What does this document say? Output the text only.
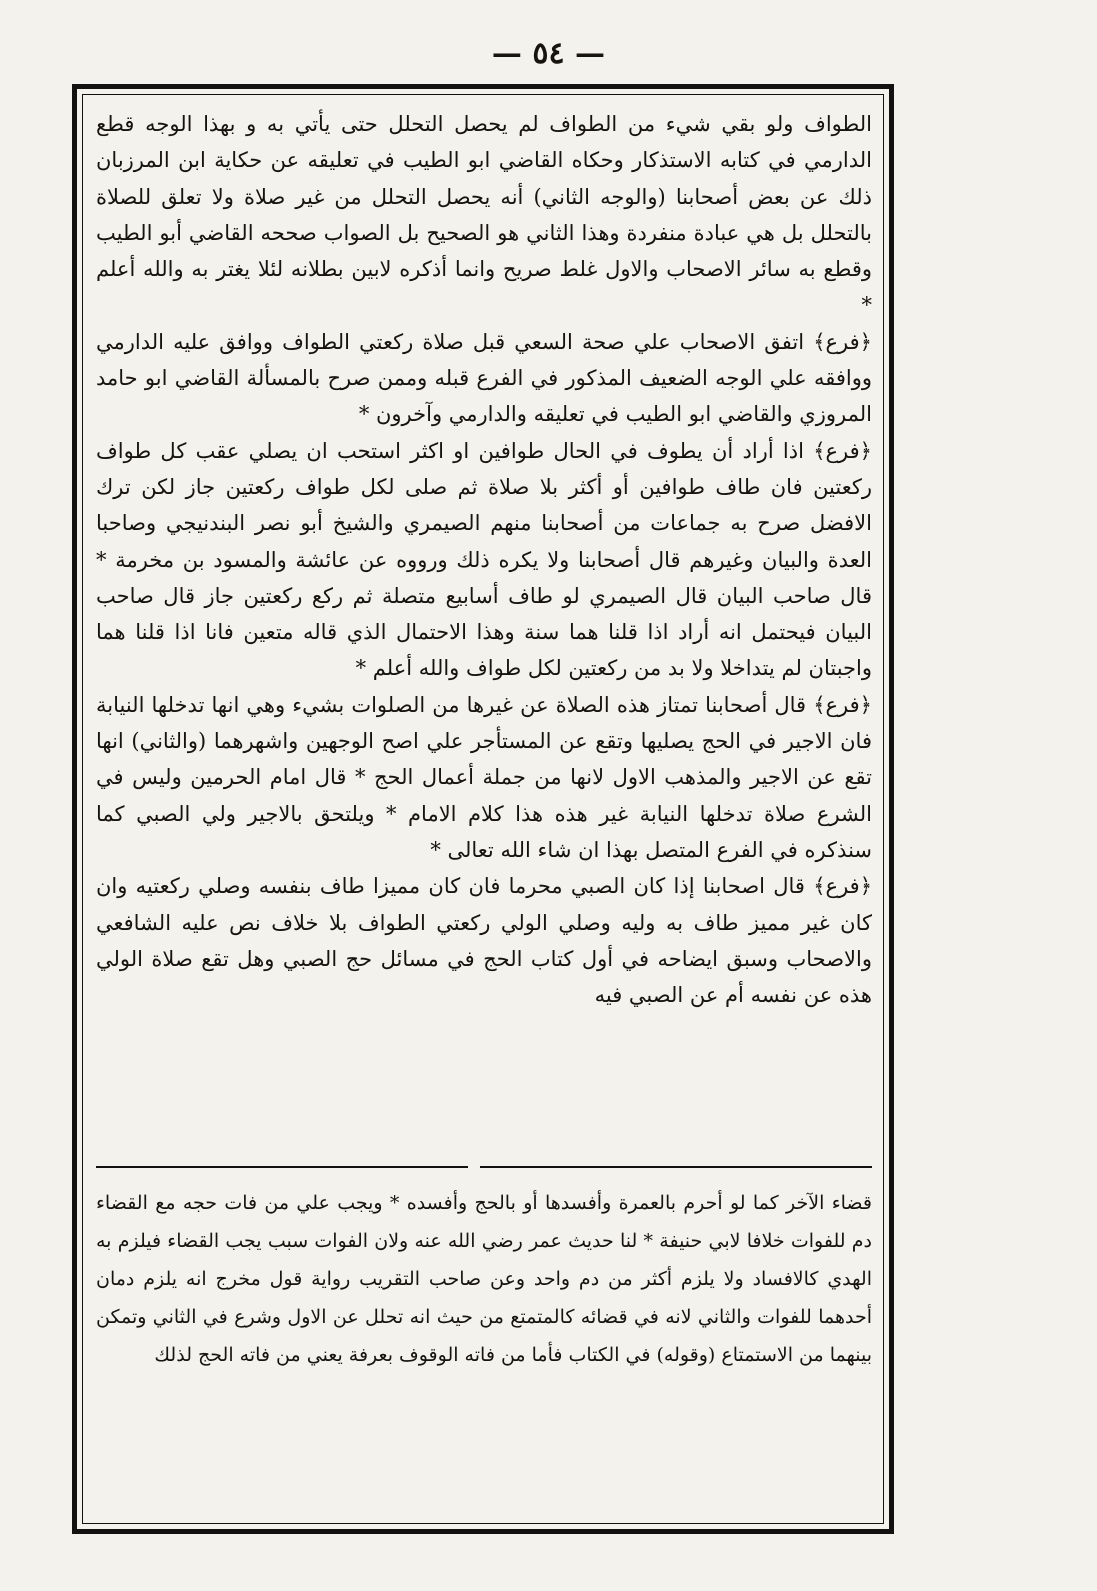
— ٥٤ —

الطواف ولو بقي شيء من الطواف لم يحصل التحلل حتى يأتي به و بهذا الوجه قطع الدارمي في كتابه الاستذكار وحكاه القاضي ابو الطيب في تعليقه عن حكاية ابن المرزبان ذلك عن بعض أصحابنا (والوجه الثاني) أنه يحصل التحلل من غير صلاة ولا تعلق للصلاة بالتحلل بل هي عبادة منفردة وهذا الثاني هو الصحيح بل الصواب صححه القاضي أبو الطيب وقطع به سائر الاصحاب والاول غلط صريح وانما أذكره لابين بطلانه لئلا يغتر به والله أعلم *

﴿فرع﴾ اتفق الاصحاب علي صحة السعي قبل صلاة ركعتي الطواف ووافق عليه الدارمي ووافقه علي الوجه الضعيف المذكور في الفرع قبله وممن صرح بالمسألة القاضي ابو حامد المروزي والقاضي ابو الطيب في تعليقه والدارمي وآخرون *

﴿فرع﴾ اذا أراد أن يطوف في الحال طوافين او اكثر استحب ان يصلي عقب كل طواف ركعتين فان طاف طوافين أو أكثر بلا صلاة ثم صلى لكل طواف ركعتين جاز لكن ترك الافضل صرح به جماعات من أصحابنا منهم الصيمري والشيخ أبو نصر البندنيجي وصاحبا العدة والبيان وغيرهم قال أصحابنا ولا يكره ذلك ورووه عن عائشة والمسود بن مخرمة * قال صاحب البيان قال الصيمري لو طاف أسابيع متصلة ثم ركع ركعتين جاز قال صاحب البيان فيحتمل انه أراد اذا قلنا هما سنة وهذا الاحتمال الذي قاله متعين فانا اذا قلنا هما واجبتان لم يتداخلا ولا بد من ركعتين لكل طواف والله أعلم *

﴿فرع﴾ قال أصحابنا تمتاز هذه الصلاة عن غيرها من الصلوات بشيء وهي انها تدخلها النيابة فان الاجير في الحج يصليها وتقع عن المستأجر علي اصح الوجهين واشهرهما (والثاني) انها تقع عن الاجير والمذهب الاول لانها من جملة أعمال الحج * قال امام الحرمين وليس في الشرع صلاة تدخلها النيابة غير هذه هذا كلام الامام * ويلتحق بالاجير ولي الصبي كما سنذكره في الفرع المتصل بهذا ان شاء الله تعالى *

﴿فرع﴾ قال اصحابنا إذا كان الصبي محرما فان كان مميزا طاف بنفسه وصلي ركعتيه وان كان غير مميز طاف به وليه وصلي الولي ركعتي الطواف بلا خلاف نص عليه الشافعي والاصحاب وسبق ايضاحه في أول كتاب الحج في مسائل حج الصبي وهل تقع صلاة الولي هذه عن نفسه أم عن الصبي فيه

قضاء الآخر كما لو أحرم بالعمرة وأفسدها أو بالحج وأفسده * ويجب علي من فات حجه مع القضاء دم للفوات خلافا لابي حنيفة * لنا حديث عمر رضي الله عنه ولان الفوات سبب يجب القضاء فيلزم به الهدي كالافساد ولا يلزم أكثر من دم واحد وعن صاحب التقريب رواية قول مخرج انه يلزم دمان أحدهما للفوات والثاني لانه في قضائه كالمتمتع من حيث انه تحلل عن الاول وشرع في الثاني وتمكن بينهما من الاستمتاع (وقوله) في الكتاب فأما من فاته الوقوف بعرفة يعني من فاته الحج لذلك
